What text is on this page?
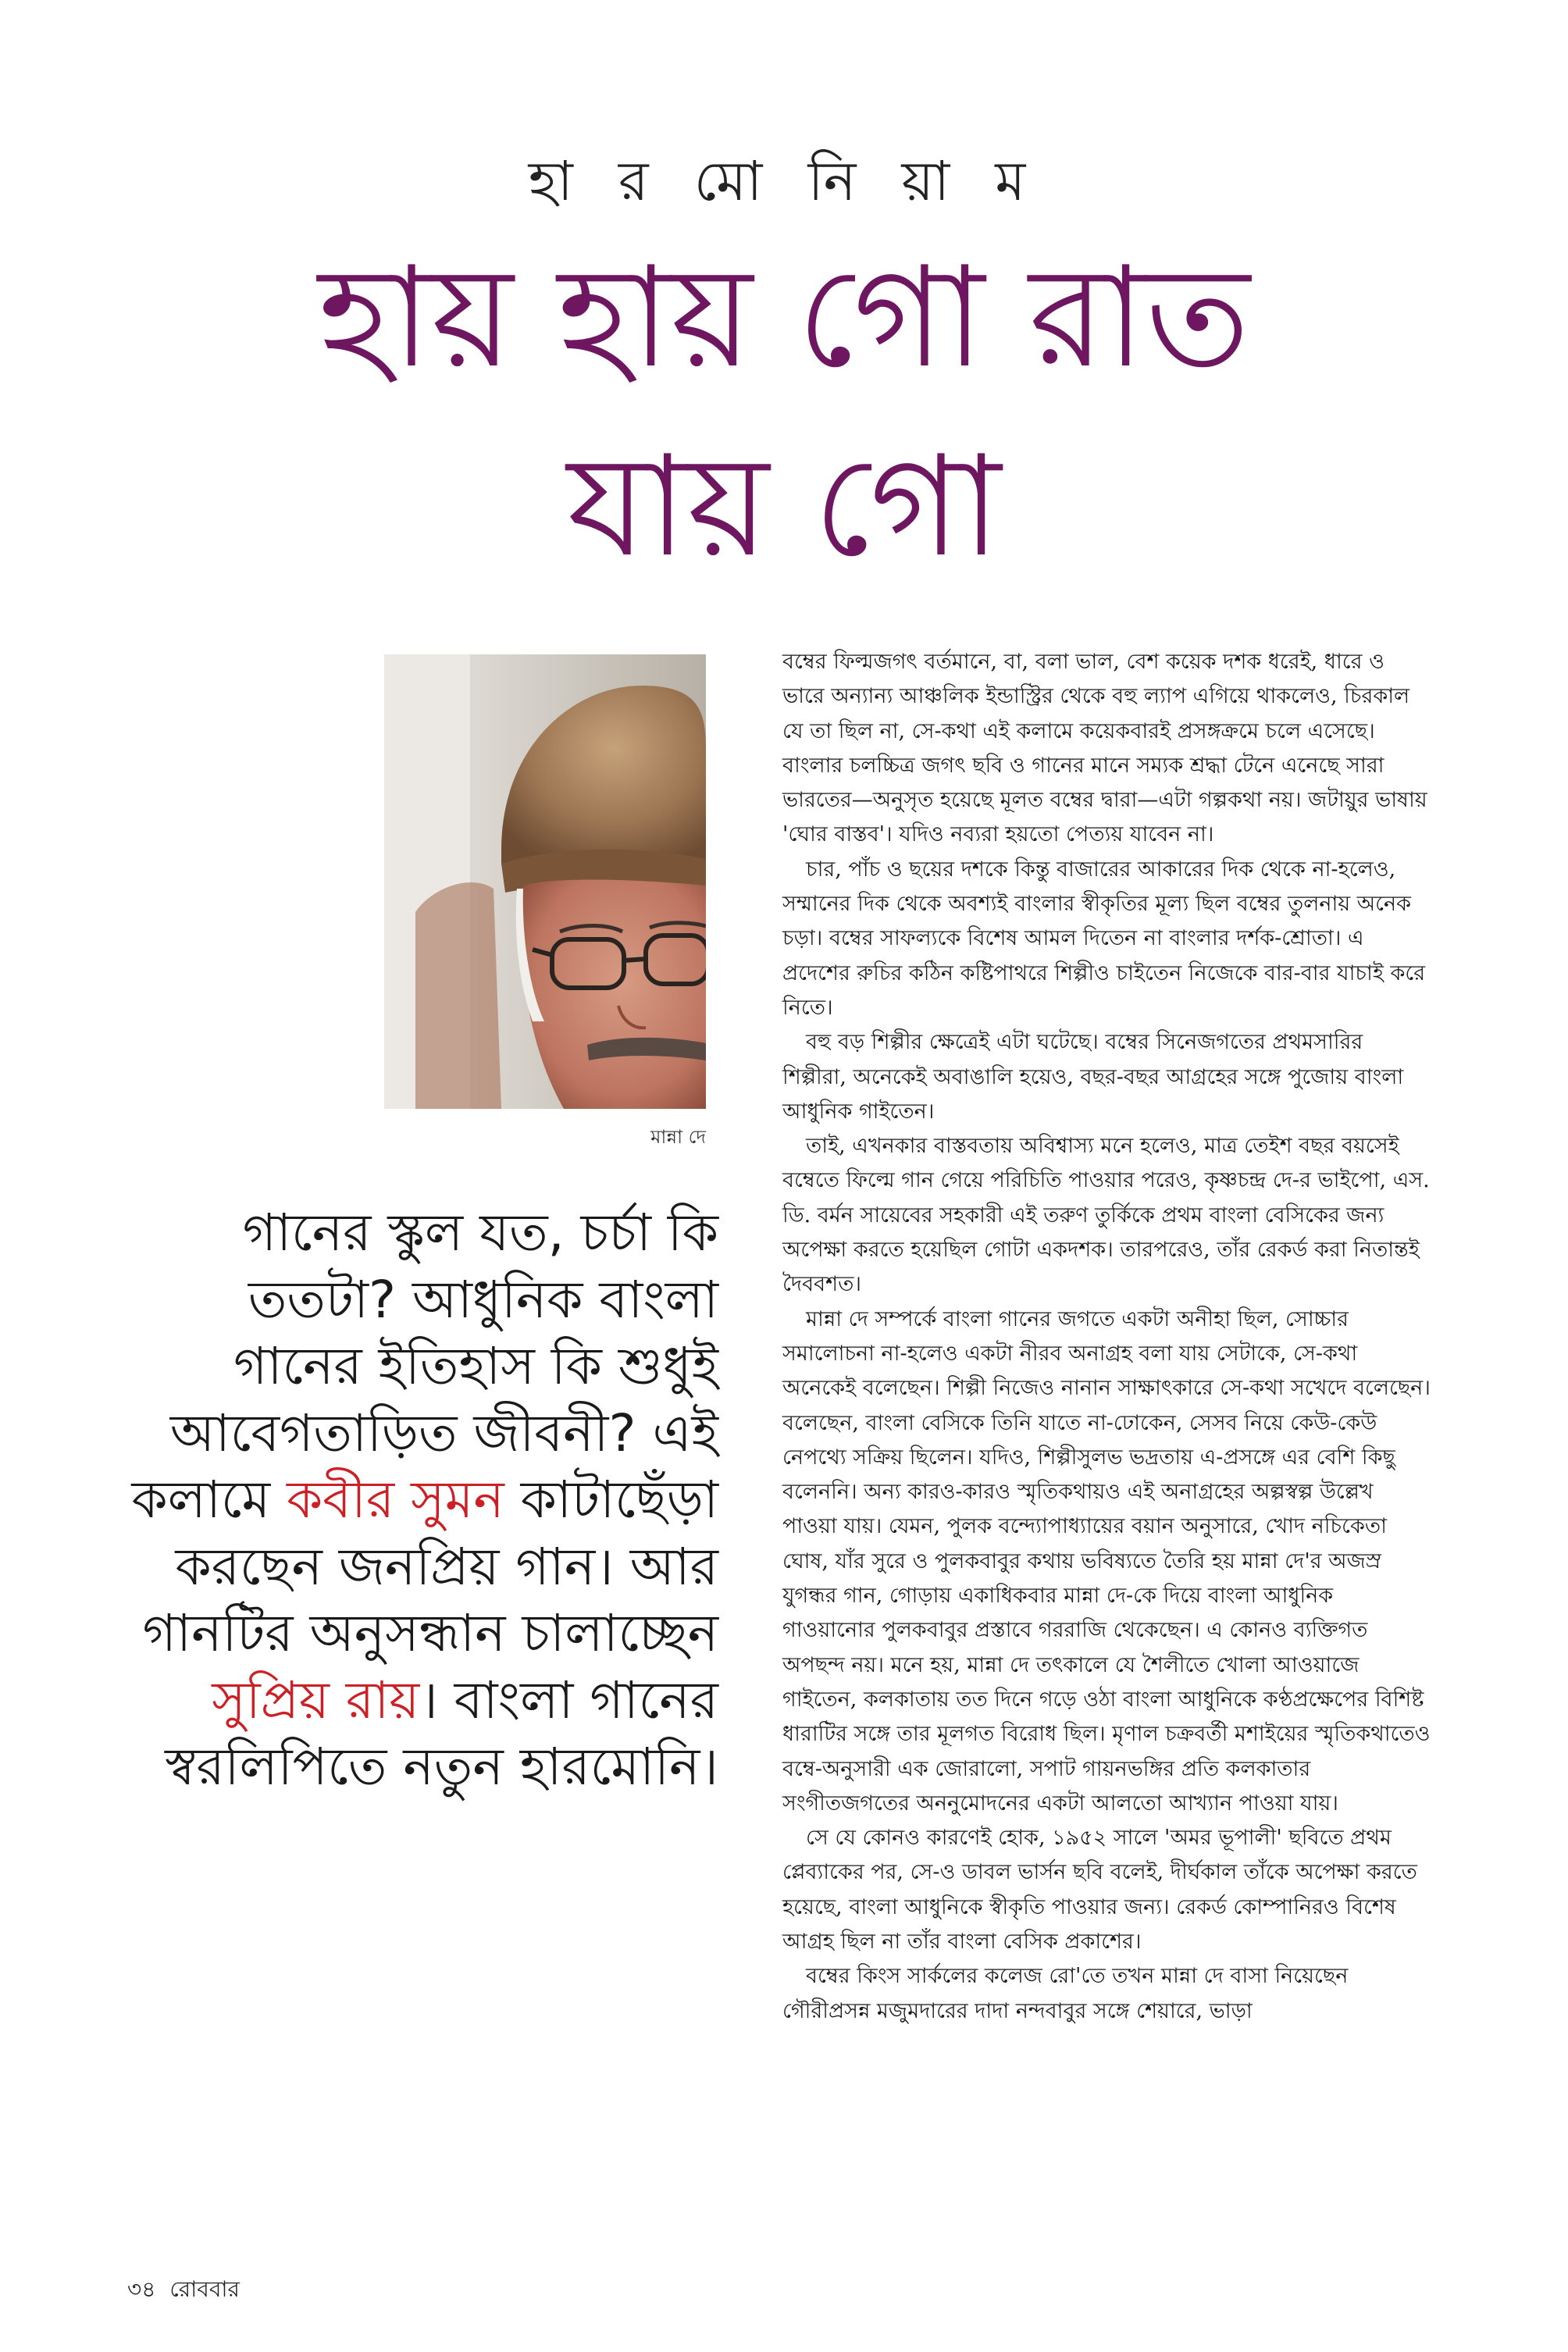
হা র মো নি য়া ম
হায় হায় গো রাত
যায় গো
মান্না দে
গানের স্কুল যত, চর্চা কি ততটা? আধুনিক বাংলা গানের ইতিহাস কি শুধুই আবেগতাড়িত জীবনী? এই কলামে কবীর সুমন কাটাছেঁড়া করছেন জনপ্রিয় গান। আর গানটির অনুসন্ধান চালাচ্ছেন সুপ্রিয় রায়। বাংলা গানের স্বরলিপিতে নতুন হারমোনি।

বম্বের ফিল্মজগৎ বর্তমানে, বা, বলা ভাল, বেশ কয়েক দশক ধরেই, ধারে ও ভারে অন্যান্য আঞ্চলিক ইন্ডাস্ট্রির থেকে বহু ল্যাপ এগিয়ে থাকলেও, চিরকাল যে তা ছিল না, সে-কথা এই কলামে কয়েকবারই প্রসঙ্গক্রমে চলে এসেছে। বাংলার চলচ্চিত্র জগৎ ছবি ও গানের মানে সম্যক শ্রদ্ধা টেনে এনেছে সারা ভারতের—অনুসৃত হয়েছে মূলত বম্বের দ্বারা—এটা গল্পকথা নয়। জটায়ুর ভাষায় 'ঘোর বাস্তব'। যদিও নব্যরা হয়তো পেত্যয় যাবেন না।

চার, পাঁচ ও ছয়ের দশকে কিন্তু বাজারের আকারের দিক থেকে না-হলেও, সম্মানের দিক থেকে অবশ্যই বাংলার স্বীকৃতির মূল্য ছিল বম্বের তুলনায় অনেক চড়া। বম্বের সাফল্যকে বিশেষ আমল দিতেন না বাংলার দর্শক-শ্রোতা। এ প্রদেশের রুচির কঠিন কষ্টিপাথরে শিল্পীও চাইতেন নিজেকে বার-বার যাচাই করে নিতে।

বহু বড় শিল্পীর ক্ষেত্রেই এটা ঘটেছে। বম্বের সিনেজগতের প্রথমসারির শিল্পীরা, অনেকেই অবাঙালি হয়েও, বছর-বছর আগ্রহের সঙ্গে পুজোয় বাংলা আধুনিক গাইতেন।

তাই, এখনকার বাস্তবতায় অবিশ্বাস্য মনে হলেও, মাত্র তেইশ বছর বয়সেই বম্বেতে ফিল্মে গান গেয়ে পরিচিতি পাওয়ার পরেও, কৃষ্ণচন্দ্র দে-র ভাইপো, এস. ডি. বর্মন সায়েবের সহকারী এই তরুণ তুর্কিকে প্রথম বাংলা বেসিকের জন্য অপেক্ষা করতে হয়েছিল গোটা একদশক। তারপরেও, তাঁর রেকর্ড করা নিতান্তই দৈববশত।

মান্না দে সম্পর্কে বাংলা গানের জগতে একটা অনীহা ছিল, সোচ্চার সমালোচনা না-হলেও একটা নীরব অনাগ্রহ বলা যায় সেটাকে, সে-কথা অনেকেই বলেছেন। শিল্পী নিজেও নানান সাক্ষাৎকারে সে-কথা সখেদে বলেছেন। বলেছেন, বাংলা বেসিকে তিনি যাতে না-ঢোকেন, সেসব নিয়ে কেউ-কেউ নেপথ্যে সক্রিয় ছিলেন। যদিও, শিল্পীসুলভ ভদ্রতায় এ-প্রসঙ্গে এর বেশি কিছু বলেননি। অন্য কারও-কারও স্মৃতিকথায়ও এই অনাগ্রহের অল্পস্বল্প উল্লেখ পাওয়া যায়। যেমন, পুলক বন্দ্যোপাধ্যায়ের বয়ান অনুসারে, খোদ নচিকেতা ঘোষ, যাঁর সুরে ও পুলকবাবুর কথায় ভবিষ্যতে তৈরি হয় মান্না দে'র অজস্র যুগন্ধর গান, গোড়ায় একাধিকবার মান্না দে-কে দিয়ে বাংলা আধুনিক গাওয়ানোর পুলকবাবুর প্রস্তাবে গররাজি থেকেছেন। এ কোনও ব্যক্তিগত অপছন্দ নয়। মনে হয়, মান্না দে তৎকালে যে শৈলীতে খোলা আওয়াজে গাইতেন, কলকাতায় তত দিনে গড়ে ওঠা বাংলা আধুনিকে কণ্ঠপ্রক্ষেপের বিশিষ্ট ধারাটির সঙ্গে তার মূলগত বিরোধ ছিল। মৃণাল চক্রবর্তী মশাইয়ের স্মৃতিকথাতেও বম্বে-অনুসারী এক জোরালো, সপাট গায়নভঙ্গির প্রতি কলকাতার সংগীতজগতের অননুমোদনের একটা আলতো আখ্যান পাওয়া যায়।

সে যে কোনও কারণেই হোক, ১৯৫২ সালে 'অমর ভূপালী' ছবিতে প্রথম প্লেব্যাকের পর, সে-ও ডাবল ভার্সন ছবি বলেই, দীর্ঘকাল তাঁকে অপেক্ষা করতে হয়েছে, বাংলা আধুনিকে স্বীকৃতি পাওয়ার জন্য। রেকর্ড কোম্পানিরও বিশেষ আগ্রহ ছিল না তাঁর বাংলা বেসিক প্রকাশের।

বম্বের কিংস সার্কলের কলেজ রো'তে তখন মান্না দে বাসা নিয়েছেন গৌরীপ্রসন্ন মজুমদারের দাদা নন্দবাবুর সঙ্গে শেয়ারে, ভাড়া

৩৪ রোববার
